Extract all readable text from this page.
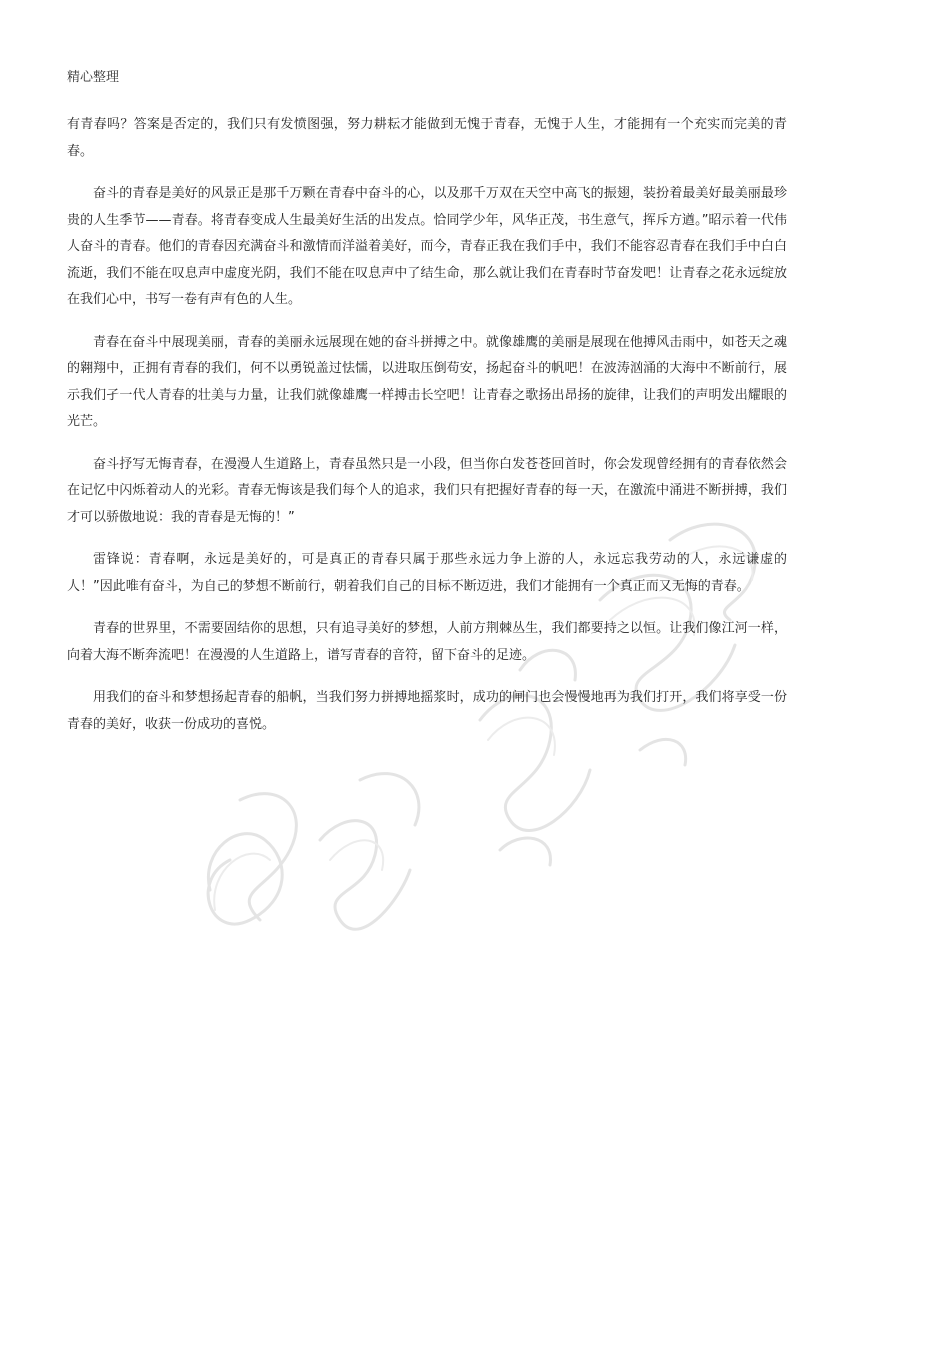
精心整理

有青春吗？答案是否定的，我们只有发愤图强，努力耕耘才能做到无愧于青春，无愧于人生，才能拥有一个充实而完美的青春。

奋斗的青春是美好的风景正是那千万颗在青春中奋斗的心，以及那千万双在天空中高飞的振翅，装扮着最美好最美丽最珍贵的人生季节——青春。将青春变成人生最美好生活的出发点。恰同学少年，风华正茂，书生意气，挥斥方遒。”昭示着一代伟人奋斗的青春。他们的青春因充满奋斗和激情而洋溢着美好，而今，青春正我在我们手中，我们不能容忍青春在我们手中白白流逝，我们不能在叹息声中虚度光阴，我们不能在叹息声中了结生命，那么就让我们在青春时节奋发吧！让青春之花永远绽放在我们心中，书写一卷有声有色的人生。

青春在奋斗中展现美丽，青春的美丽永远展现在她的奋斗拼搏之中。就像雄鹰的美丽是展现在他搏风击雨中，如苍天之魂的翱翔中，正拥有青春的我们，何不以勇锐盖过怯懦，以进取压倒苟安，扬起奋斗的帆吧！在波涛汹涌的大海中不断前行，展示我们孑一代人青春的壮美与力量，让我们就像雄鹰一样搏击长空吧！让青春之歌扬出昂扬的旋律，让我们的声明发出耀眼的光芒。

奋斗抒写无悔青春，在漫漫人生道路上，青春虽然只是一小段，但当你白发苍苍回首时，你会发现曾经拥有的青春依然会在记忆中闪烁着动人的光彩。青春无悔该是我们每个人的追求，我们只有把握好青春的每一天，在激流中涌进不断拼搏，我们才可以骄傲地说：我的青春是无悔的！”

雷锋说：青春啊，永远是美好的，可是真正的青春只属于那些永远力争上游的人，永远忘我劳动的人，永远谦虚的人！”因此唯有奋斗，为自己的梦想不断前行，朝着我们自己的目标不断迈进，我们才能拥有一个真正而又无悔的青春。

青春的世界里，不需要固结你的思想，只有追寻美好的梦想，人前方荆棘丛生，我们都要持之以恒。让我们像江河一样，向着大海不断奔流吧！在漫漫的人生道路上，谱写青春的音符，留下奋斗的足迹。

用我们的奋斗和梦想扬起青春的船帆，当我们努力拼搏地摇浆时，成功的闸门也会慢慢地再为我们打开，我们将享受一份青春的美好，收获一份成功的喜悦。
